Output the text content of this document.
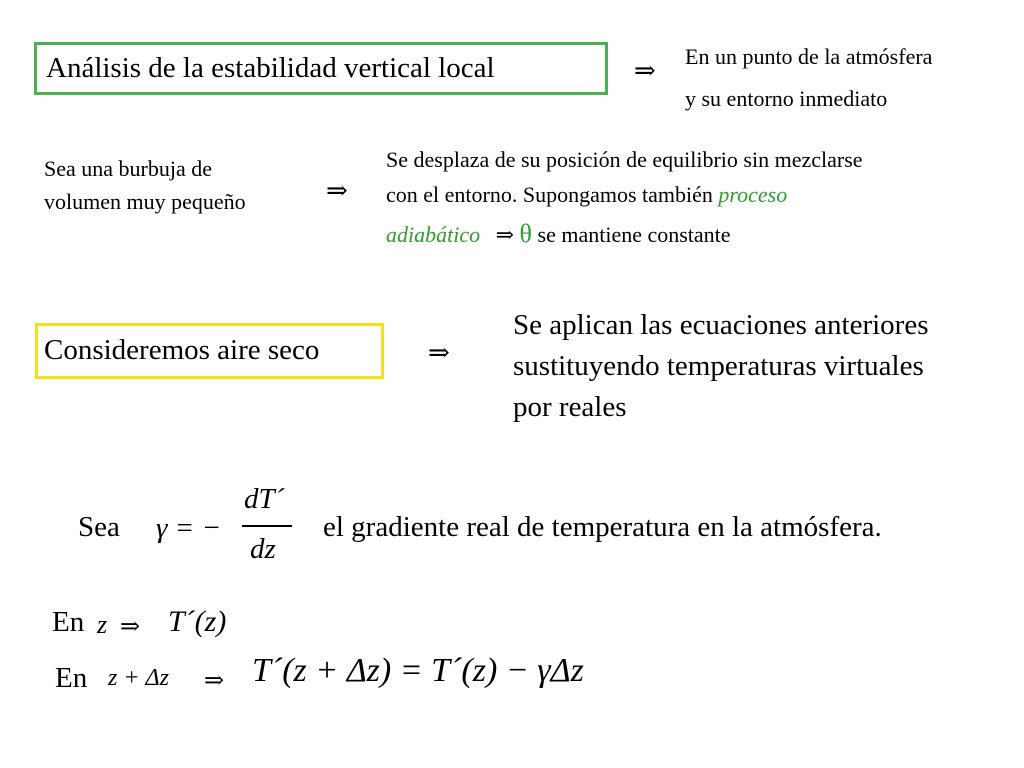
Análisis de la estabilidad vertical local	⇒ En un punto de la atmósfera
y su entorno inmediato
Sea una burbuja de
volumen muy pequeño	⇒
Se desplaza de su posición de equilibrio sin mezclarse
con el entorno. Supongamos también proceso
adiabático ⇒ θ se mantiene constante
Consideremos aire seco	⇒
Se aplican las ecuaciones anteriores
sustituyendo temperaturas virtuales
por reales
Sea γ = −
dT´
dz
el gradiente real de temperatura en la atmósfera.
En z ⇒ T´(z)
En z + Δz ⇒ T´(z + Δz) = T´(z) − γΔz
